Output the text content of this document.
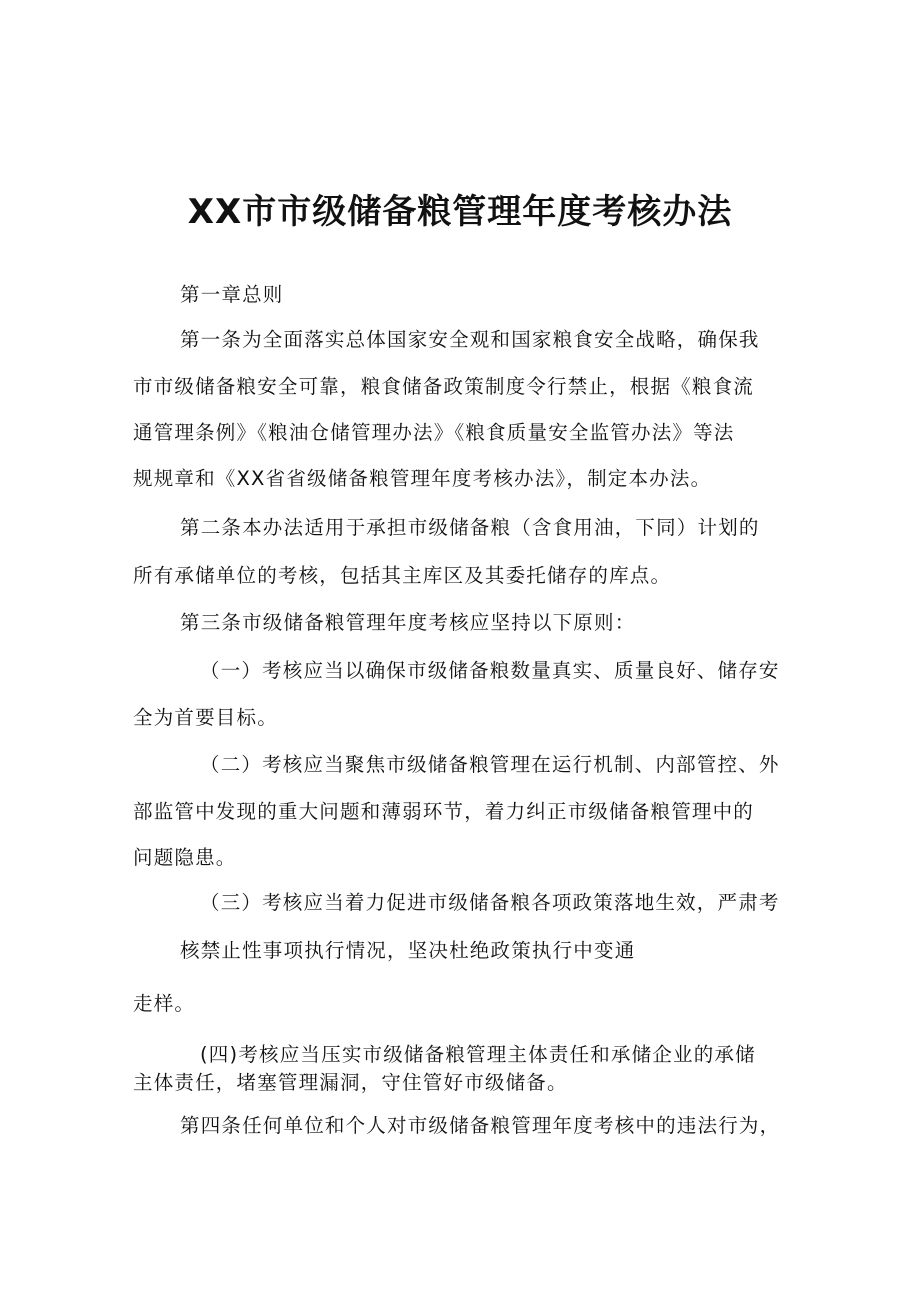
XX市市级储备粮管理年度考核办法
第一章总则
第一条为全面落实总体国家安全观和国家粮食安全战略，确保我
市市级储备粮安全可靠，粮食储备政策制度令行禁止，根据《粮食流
通管理条例》《粮油仓储管理办法》《粮食质量安全监管办法》等法
规规章和《XX省省级储备粮管理年度考核办法》，制定本办法。
第二条本办法适用于承担市级储备粮（含食用油，下同）计划的
所有承储单位的考核，包括其主库区及其委托储存的库点。
第三条市级储备粮管理年度考核应坚持以下原则：
（一）考核应当以确保市级储备粮数量真实、质量良好、储存安
全为首要目标。
（二）考核应当聚焦市级储备粮管理在运行机制、内部管控、外
部监管中发现的重大问题和薄弱环节，着力纠正市级储备粮管理中的
问题隐患。
（三）考核应当着力促进市级储备粮各项政策落地生效，严肃考
核禁止性事项执行情况，坚决杜绝政策执行中变通
走样。
(四)考核应当压实市级储备粮管理主体责任和承储企业的承储
主体责任，堵塞管理漏洞，守住管好市级储备。
第四条任何单位和个人对市级储备粮管理年度考核中的违法行为，
